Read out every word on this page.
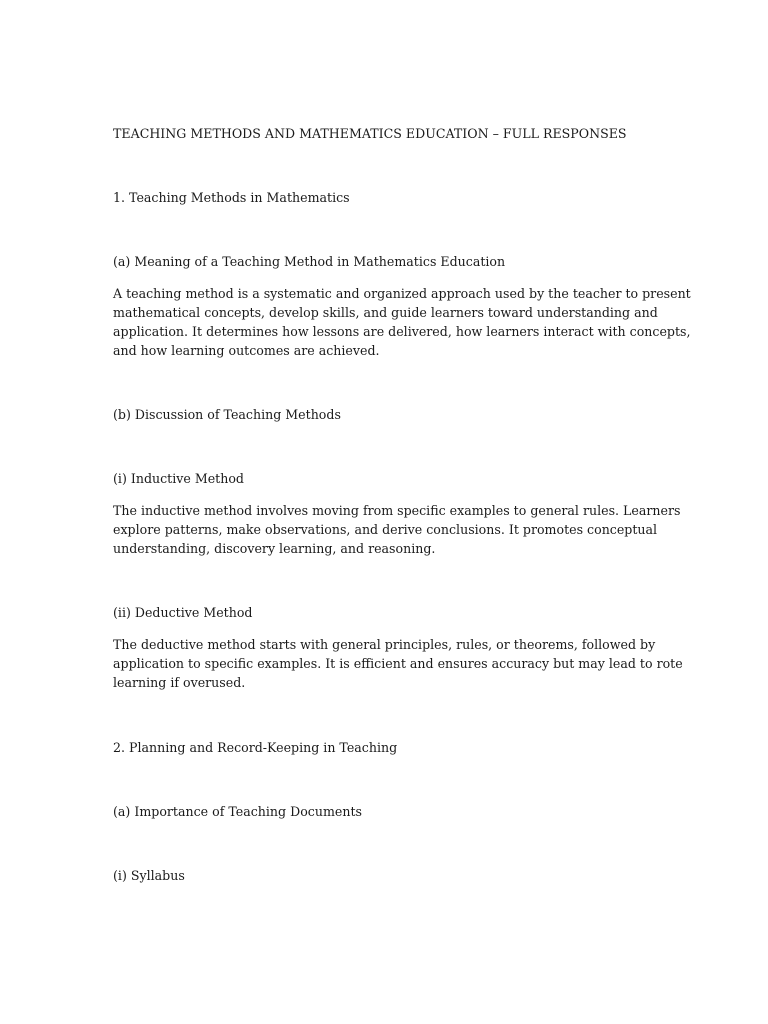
TEACHING METHODS AND MATHEMATICS EDUCATION – FULL RESPONSES

1. Teaching Methods in Mathematics

(a) Meaning of a Teaching Method in Mathematics Education

A teaching method is a systematic and organized approach used by the teacher to present

mathematical concepts, develop skills, and guide learners toward understanding and

application. It determines how lessons are delivered, how learners interact with concepts,

and how learning outcomes are achieved.

(b) Discussion of Teaching Methods

(i) Inductive Method

The inductive method involves moving from specific examples to general rules. Learners

explore patterns, make observations, and derive conclusions. It promotes conceptual

understanding, discovery learning, and reasoning.

(ii) Deductive Method

The deductive method starts with general principles, rules, or theorems, followed by

application to specific examples. It is efficient and ensures accuracy but may lead to rote

learning if overused.

2. Planning and Record-Keeping in Teaching

(a) Importance of Teaching Documents

(i) Syllabus
